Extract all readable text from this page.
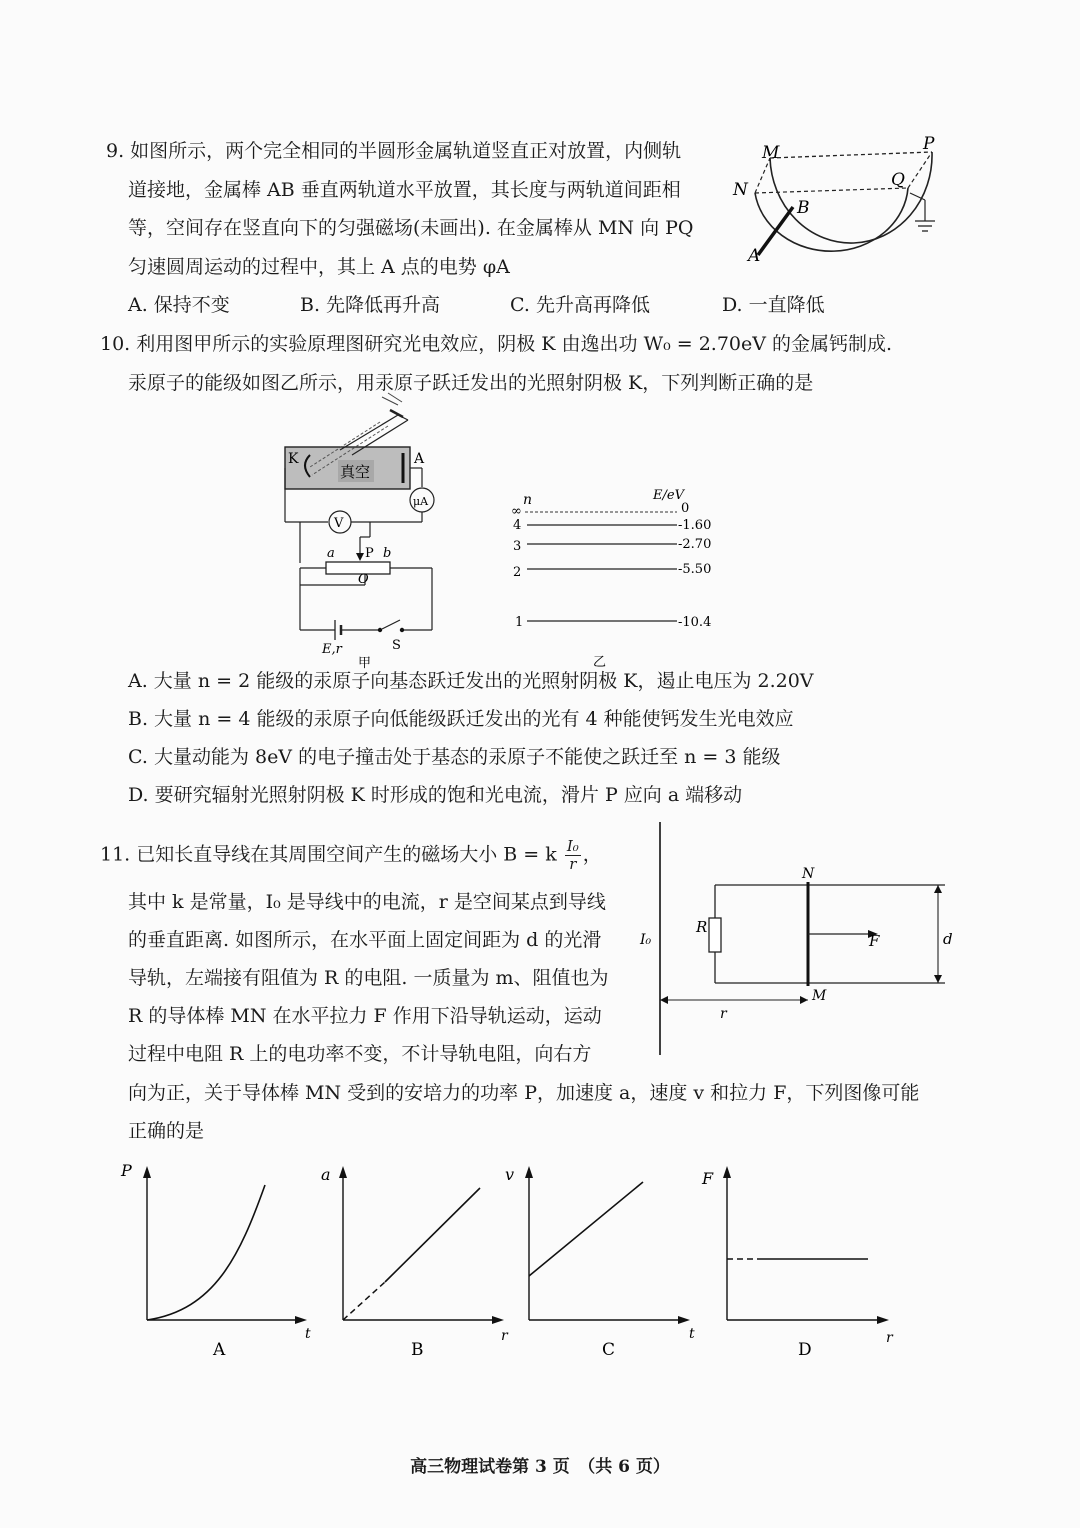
9. 如图所示，两个完全相同的半圆形金属轨道竖直正对放置，内侧轨
道接地，金属棒 AB 垂直两轨道水平放置，其长度与两轨道间距相
等，空间存在竖直向下的匀强磁场(未画出). 在金属棒从 MN 向 PQ
匀速圆周运动的过程中，其上 A 点的电势 φA
A. 保持不变	B. 先降低再升高	C. 先升高再降低	D. 一直降低
M	P
N	Q
B
A
10. 利用图甲所示的实验原理图研究光电效应，阴极 K 由逸出功 W₀ = 2.70eV 的金属钙制成.
汞原子的能级如图乙所示，用汞原子跃迁发出的光照射阴极 K，下列判断正确的是
真空
K	A
μA
V
a P b
O
E,r	S
甲
n	E/eV
∞	0
4	-1.60
3	-2.70
2	-5.50
1	-10.4
乙
A. 大量 n = 2 能级的汞原子向基态跃迁发出的光照射阴极 K，遏止电压为 2.20V
B. 大量 n = 4 能级的汞原子向低能级跃迁发出的光有 4 种能使钙发生光电效应
C. 大量动能为 8eV 的电子撞击处于基态的汞原子不能使之跃迁至 n = 3 能级
D. 要研究辐射光照射阴极 K 时形成的饱和光电流，滑片 P 应向 a 端移动
11. 已知长直导线在其周围空间产生的磁场大小 B = k $\frac{\text{I₀}}{r}$ ，
其中 k 是常量，I₀ 是导线中的电流，r 是空间某点到导线
的垂直距离. 如图所示，在水平面上固定间距为 d 的光滑
导轨，左端接有阻值为 R 的电阻. 一质量为 m、阻值也为
R 的导体棒 MN 在水平拉力 F 作用下沿导轨运动，运动
过程中电阻 R 上的电功率不变，不计导轨电阻，向右方
向为正，关于导体棒 MN 受到的安培力的功率 P，加速度 a，速度 v 和拉力 F，下列图像可能
正确的是
I₀
R
N
M
F	d
r
P
t
A
a
r
B
v
t
C
F
r
D
高三物理试卷第 3 页　（共 6 页）
